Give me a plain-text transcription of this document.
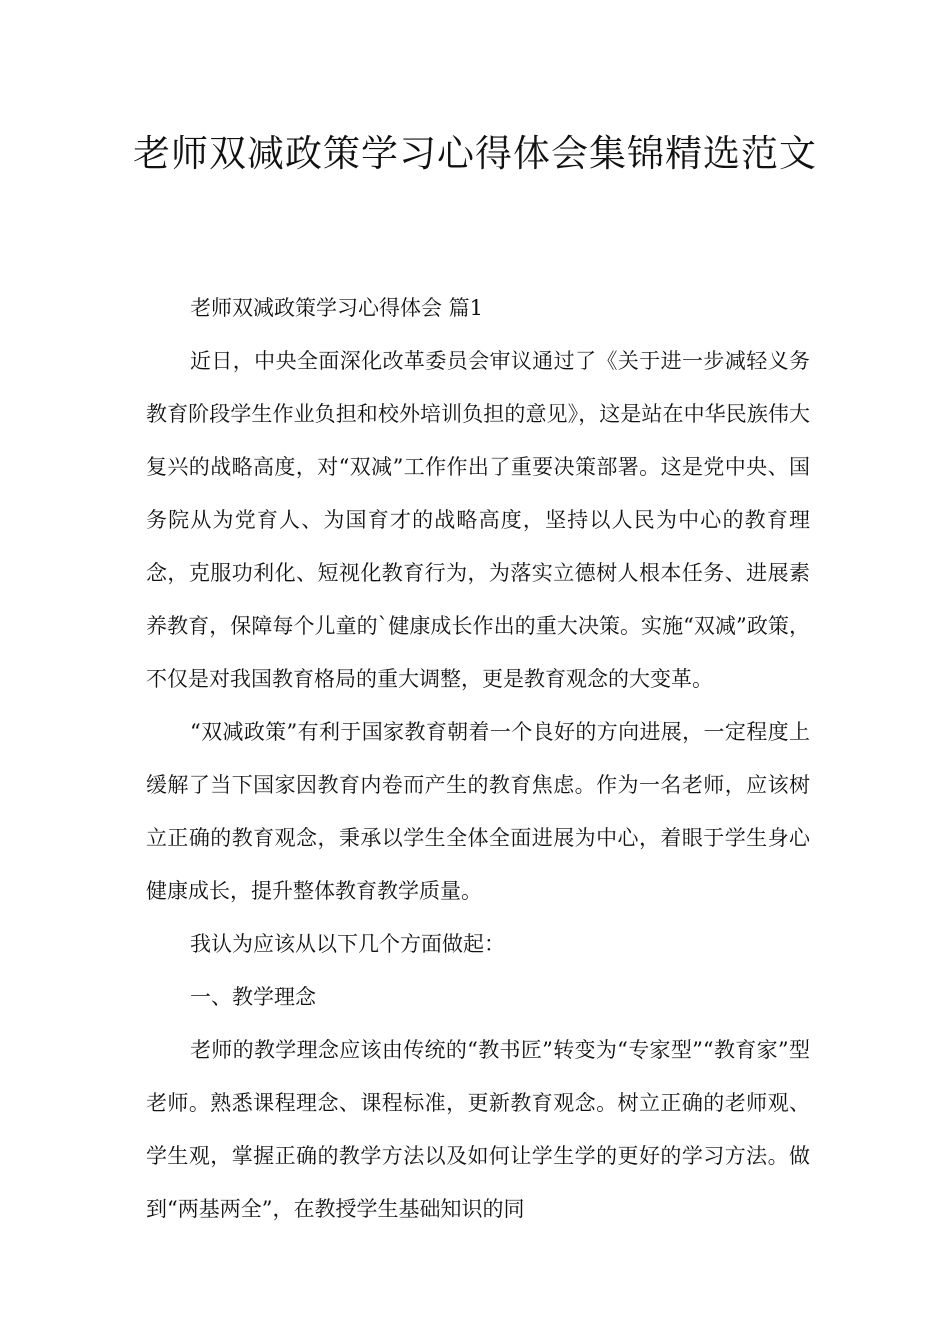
老师双减政策学习心得体会集锦精选范文

老师双减政策学习心得体会 篇1

近日，中央全面深化改革委员会审议通过了《关于进一步减轻义务教育阶段学生作业负担和校外培训负担的意见》，这是站在中华民族伟大复兴的战略高度，对“双减”工作作出了重要决策部署。这是党中央、国务院从为党育人、为国育才的战略高度，坚持以人民为中心的教育理念，克服功利化、短视化教育行为，为落实立德树人根本任务、进展素养教育，保障每个儿童的`健康成长作出的重大决策。实施“双减”政策，不仅是对我国教育格局的重大调整，更是教育观念的大变革。

“双减政策”有利于国家教育朝着一个良好的方向进展，一定程度上缓解了当下国家因教育内卷而产生的教育焦虑。作为一名老师，应该树立正确的教育观念，秉承以学生全体全面进展为中心，着眼于学生身心健康成长，提升整体教育教学质量。

我认为应该从以下几个方面做起：

一、教学理念

老师的教学理念应该由传统的“教书匠”转变为“专家型”“教育家”型老师。熟悉课程理念、课程标准，更新教育观念。树立正确的老师观、学生观，掌握正确的教学方法以及如何让学生学的更好的学习方法。做到“两基两全”，在教授学生基础知识的同
